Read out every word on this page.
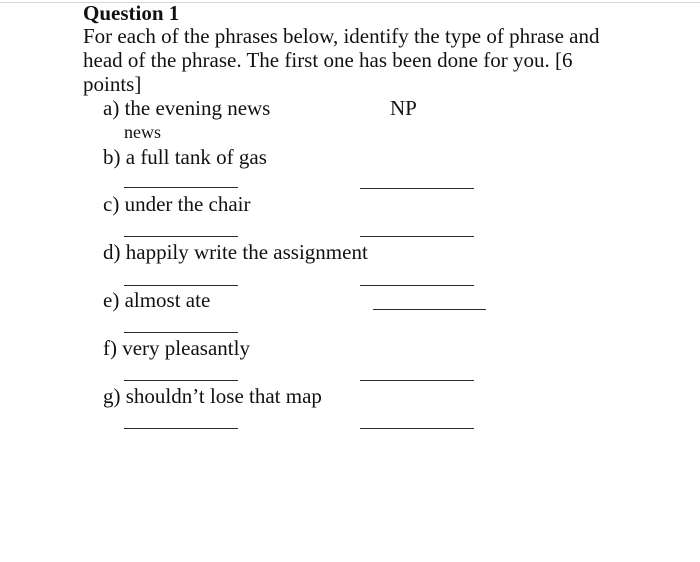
Question 1
For each of the phrases below, identify the type of phrase and head of the phrase. The first one has been done for you. [6 points]
a) the evening news	NP
news
b) a full tank of gas
c) under the chair
d) happily write the assignment
e) almost ate
f) very pleasantly
g) shouldn’t lose that map
